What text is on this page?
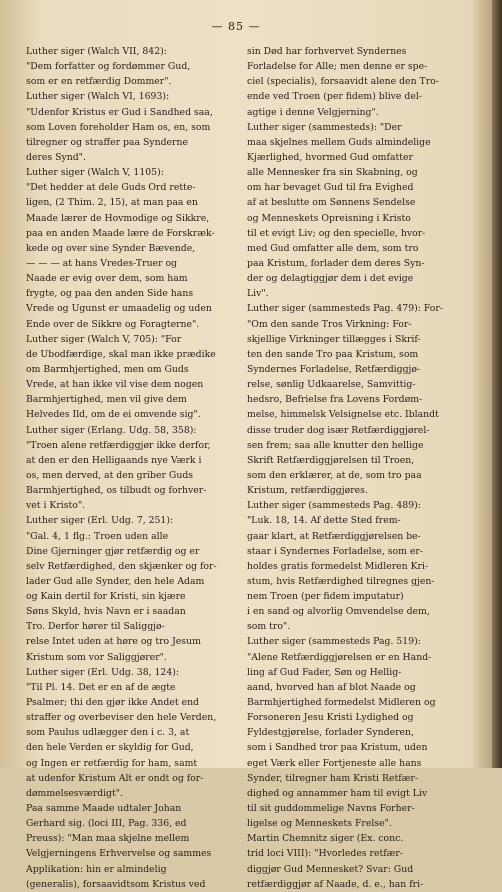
— 85 —
Luther siger (Walch VII, 842):
"Dem forfatter og fordømmer Gud,
som er en retfærdig Dommer".
Luther siger (Walch VI, 1693):
"Udenfor Kristus er Gud i Sandhed saa,
som Loven foreholder Ham os, en, som
tilregner og straffer paa Synderne
deres Synd".
Luther siger (Walch V, 1105):
"Det hedder at dele Guds Ord rette-
ligen, (2 Thim. 2, 15), at man paa en
Maade lærer de Hovmodige og Sikkre,
paa en anden Maade lære de Forskræk-
kede og over sine Synder Bævende,
— — — at hans Vredes-Truer og
Naade er evig over dem, som ham
frygte, og paa den anden Side hans
Vrede og Ugunst er umaadelig og uden
Ende over de Sikkre og Foragterne".
Luther siger (Walch V, 705): "For
de Ubodfærdige, skal man ikke prædike
om Barmhjertighed, men om Guds
Vrede, at han ikke vil vise dem nogen
Barmhjertighed, men vil give dem
Helvedes Ild, om de ei omvende sig".
Luther siger (Erlang. Udg. 58, 358):
"Troen alene retfærdiggjør ikke derfor,
at den er den Helligaands nye Værk i
os, men derved, at den griber Guds
Barmhjertighed, os tilbudt og forhver-
vet i Kristo".
Luther siger (Erl. Udg. 7, 251):
"Gal. 4, 1 flg.: Troen uden alle
Dine Gjerninger gjør retfærdig og er
selv Retfærdighed, den skjænker og for-
lader Gud alle Synder, den hele Adam
og Kain dertil for Kristi, sin kjære
Søns Skyld, hvis Navn er i saadan
Tro. Derfor hører til Saliggjø-
relse Intet uden at høre og tro Jesum
Kristum som vor Saliggjører".
Luther siger (Erl. Udg. 38, 124):
"Til Pl. 14. Det er en af de ægte
Psalmer; thi den gjør ikke Andet end
straffer og overbeviser den hele Verden,
som Paulus udlægger den i c. 3, at
den hele Verden er skyldig for Gud,
og Ingen er retfærdig for ham, samt
at udenfor Kristum Alt er ondt og for-
dømmelsesværdigt".
Paa samme Maade udtaler Johan
Gerhard sig. (loci III, Pag. 336, ed
Preuss): "Man maa skjelne mellem
Velgjerningens Erhvervelse og sammes
Applikation: hin er almindelig
(generalis), forsaavidtsom Kristus ved
sin Død har forhvervet Syndernes
Forladelse for Alle; men denne er spe-
ciel (specialis), forsaavidt alene den Tro-
ende ved Troen (per fidem) blive del-
agtige i denne Velgjerning".
Luther siger (sammesteds): "Der
maa skjelnes mellem Guds almindelige
Kjærlighed, hvormed Gud omfatter
alle Mennesker fra sin Skabning, og
om har bevaget Gud til fra Evighed
af at beslutte om Sønnens Sendelse
og Menneskets Opreisning i Kristo
til et evigt Liv; og den specielle, hvor-
med Gud omfatter alle dem, som tro
paa Kristum, forlader dem deres Syn-
der og delagtiggjør dem i det evige
Liv".
Luther siger (sammesteds Pag. 479): For-
"Om den sande Tros Virkning: For-
skjellige Virkninger tillægges i Skrif-
ten den sande Tro paa Kristum, som
Syndernes Forladelse, Retfærdiggjø-
relse, sønlig Udkaarelse, Samvittig-
hedsro, Befrielse fra Lovens Fordøm-
melse, himmelsk Velsignelse etc. Iblandt
disse truder dog især Retfærdiggjørel-
sen frem; saa alle knutter den hellige
Skrift Retfærdiggjørelsen til Troen,
som den erklærer, at de, som tro paa
Kristum, retfærdiggjøres.
Luther siger (sammesteds Pag. 489):
"Luk. 18, 14. Af dette Sted frem-
gaar klart, at Retfærdiggjørelsen be-
staar i Syndernes Forladelse, som er-
holdes gratis formedelst Midleren Kri-
stum, hvis Retfærdighed tilregnes gjen-
nem Troen (per fidem imputatur)
i en sand og alvorlig Omvendelse dem,
som tro".
Luther siger (sammesteds Pag. 519):
"Alene Retfærdiggjørelsen er en Hand-
ling af Gud Fader, Søn og Hellig-
aand, hvorved han af blot Naade og
Barmhjertighed formedelst Midleren og
Forsoneren Jesu Kristi Lydighed og
Fyldestgjørelse, forlader Synderen,
som i Sandhed tror paa Kristum, uden
eget Værk eller Fortjeneste alle hans
Synder, tilregner ham Kristi Retfær-
dighed og annammer ham til evigt Liv
til sit guddommelige Navns Forher-
ligelse og Menneskets Frelse".
Martin Chemnitz siger (Ex. conc.
trid loci VIII): "Hvorledes retfær-
diggjør Gud Mennesket? Svar: Gud
retfærdiggjør af Naade, d. e., han fri-
